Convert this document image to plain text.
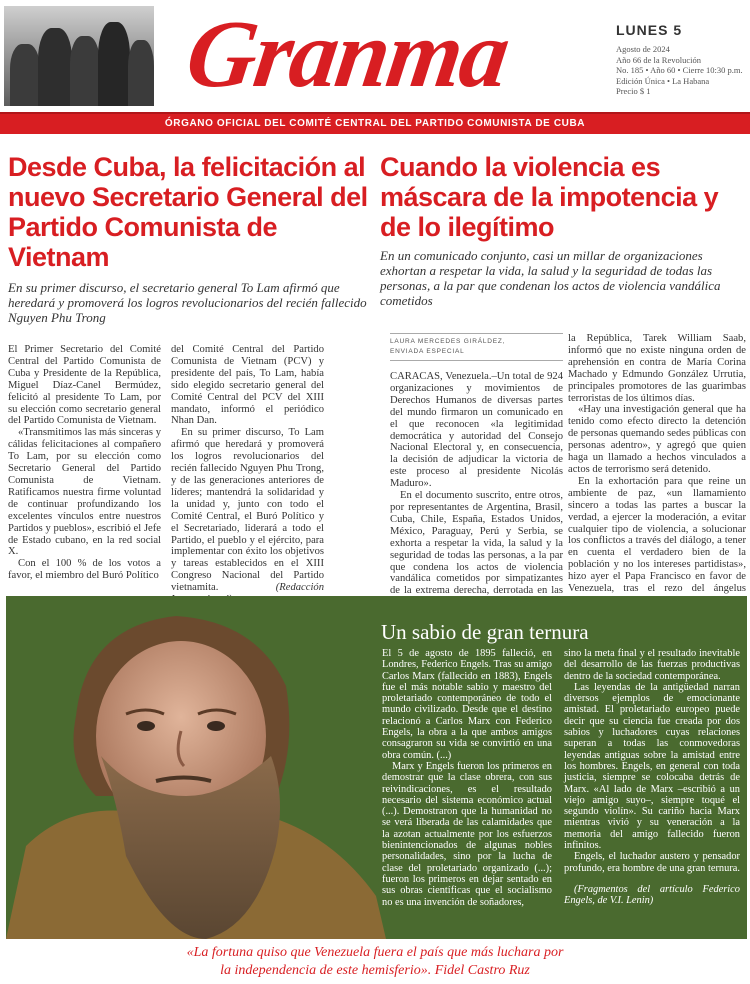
Granma	LUNES 5
Agosto de 2024
Año 66 de la Revolución
No. 185 • Año 60 • Cierre 10:30 p.m.
Edición Única • La Habana
Precio $ 1
ÓRGANO OFICIAL DEL COMITÉ CENTRAL DEL PARTIDO COMUNISTA DE CUBA
Desde Cuba, la felicitación al nuevo Secretario General del Partido Comunista de Vietnam
En su primer discurso, el secretario general To Lam afirmó que heredará y promoverá los logros revolucionarios del recién fallecido Nguyen Phu Trong

El Primer Secretario del Comité Central del Partido Comunista de Cuba y Presidente de la República, Miguel Díaz-Canel Bermúdez, felicitó al presidente To Lam, por su elección como secretario general del Partido Comunista de Vietnam.

«Transmitimos las más sinceras y cálidas felicitaciones al compañero To Lam, por su elección como Secretario General del Partido Comunista de Vietnam. Ratificamos nuestra firme voluntad de continuar profundizando los excelentes vínculos entre nuestros Partidos y pueblos», escribió el Jefe de Estado cubano, en la red social X.

Con el 100 % de los votos a favor, el miembro del Buró Político

del Comité Central del Partido Comunista de Vietnam (PCV) y presidente del país, To Lam, había sido elegido secretario general del Comité Central del PCV del XIII mandato, informó el periódico Nhan Dan.

En su primer discurso, To Lam afirmó que heredará y promoverá los logros revolucionarios del recién fallecido Nguyen Phu Trong, y de las generaciones anteriores de líderes; mantendrá la solidaridad y la unidad y, junto con todo el Comité Central, el Buró Político y el Secretariado, liderará a todo el Partido, el pueblo y el ejército, para implementar con éxito los objetivos y tareas establecidos en el XIII Congreso Nacional del Partido vietnamita.	(Redacción

Cuando la violencia es máscara de la impotencia y de lo ilegítimo
En un comunicado conjunto, casi un millar de organizaciones exhortan a respetar la vida, la salud y la seguridad de todas las personas, a la par que condenan los actos de violencia vandálica cometidos
LAURA MERCEDES GIRÁLDEZ,
ENVIADA ESPECIAL

CARACAS, Venezuela.–Un total de 924 organizaciones y movimientos de Derechos Humanos de diversas partes del mundo firmaron un comunicado en el que reconocen «la legitimidad democrática y autoridad del Consejo Nacional Electoral y, en consecuencia, la decisión de adjudicar la victoria de este proceso al presidente Nicolás Maduro».

En el documento suscrito, entre otros, por representantes de Argentina, Brasil, Cuba, Chile, España, Estados Unidos, México, Paraguay, Perú y Serbia, se exhorta a respetar la vida, la salud y la seguridad de todas las personas, a la par que condena los actos de violencia vandálica cometidos por simpatizantes de la extrema derecha, derrotada en las

la República, Tarek William Saab, informó que no existe ninguna orden de aprehensión en contra de María Corina Machado y Edmundo González Urrutia, principales promotores de las guarimbas terroristas de los últimos días.

«Hay una investigación general que ha tenido como efecto directo la detención de personas quemando sedes públicas con personas adentro», y agregó que quien haga un llamado a hechos vinculados a actos de terrorismo será detenido.

En la exhortación para que reine un ambiente de paz, «un llamamiento sincero a todas las partes a buscar la verdad, a ejercer la moderación, a evitar cualquier tipo de violencia, a solucionar los conflictos a través del diálogo, a tener en cuenta el verdadero bien de la población y no los intereses partidistas», hizo ayer el Papa Francisco en favor de Venezuela, tras el rezo del ángelus

Un sabio de gran ternura

El 5 de agosto de 1895 falleció, en Londres, Federico Engels. Tras su amigo Carlos Marx (fallecido en 1883), Engels fue el más notable sabio y maestro del proletariado contemporáneo de todo el mundo civilizado. Desde que el destino relacionó a Carlos Marx con Federico Engels, la obra a la que ambos amigos consagraron su vida se convirtió en una obra común. (...)

Marx y Engels fueron los primeros en demostrar que la clase obrera, con sus reivindicaciones, es el resultado necesario del sistema económico actual (...). Demostraron que la humanidad no se verá liberada de las calamidades que la azotan actualmente por los esfuerzos bienintencionados de algunas nobles personalidades, sino por la lucha de clase del proletariado organizado (...); fueron los primeros en dejar sentado en sus obras científicas que el socialismo no es una invención de soñadores,

sino la meta final y el resultado inevitable del desarrollo de las fuerzas productivas dentro de la sociedad contemporánea.

Las leyendas de la antigüedad narran diversos ejemplos de emocionante amistad. El proletariado europeo puede decir que su ciencia fue creada por dos sabios y luchadores cuyas relaciones superan a todas las conmovedoras leyendas antiguas sobre la amistad entre los hombres. Engels, en general con toda justicia, siempre se colocaba detrás de Marx. «Al lado de Marx –escribió a un viejo amigo suyo–, siempre toqué el segundo violín». Su cariño hacia Marx mientras vivió y su veneración a la memoria del amigo fallecido fueron infinitos.

Engels, el luchador austero y pensador profundo, era hombre de una gran ternura.

(Fragmentos del artículo Federico Engels, de V.I. Lenin)

«La fortuna quiso que Venezuela fuera el país que más luchara por
la independencia de este hemisferio». Fidel Castro Ruz
